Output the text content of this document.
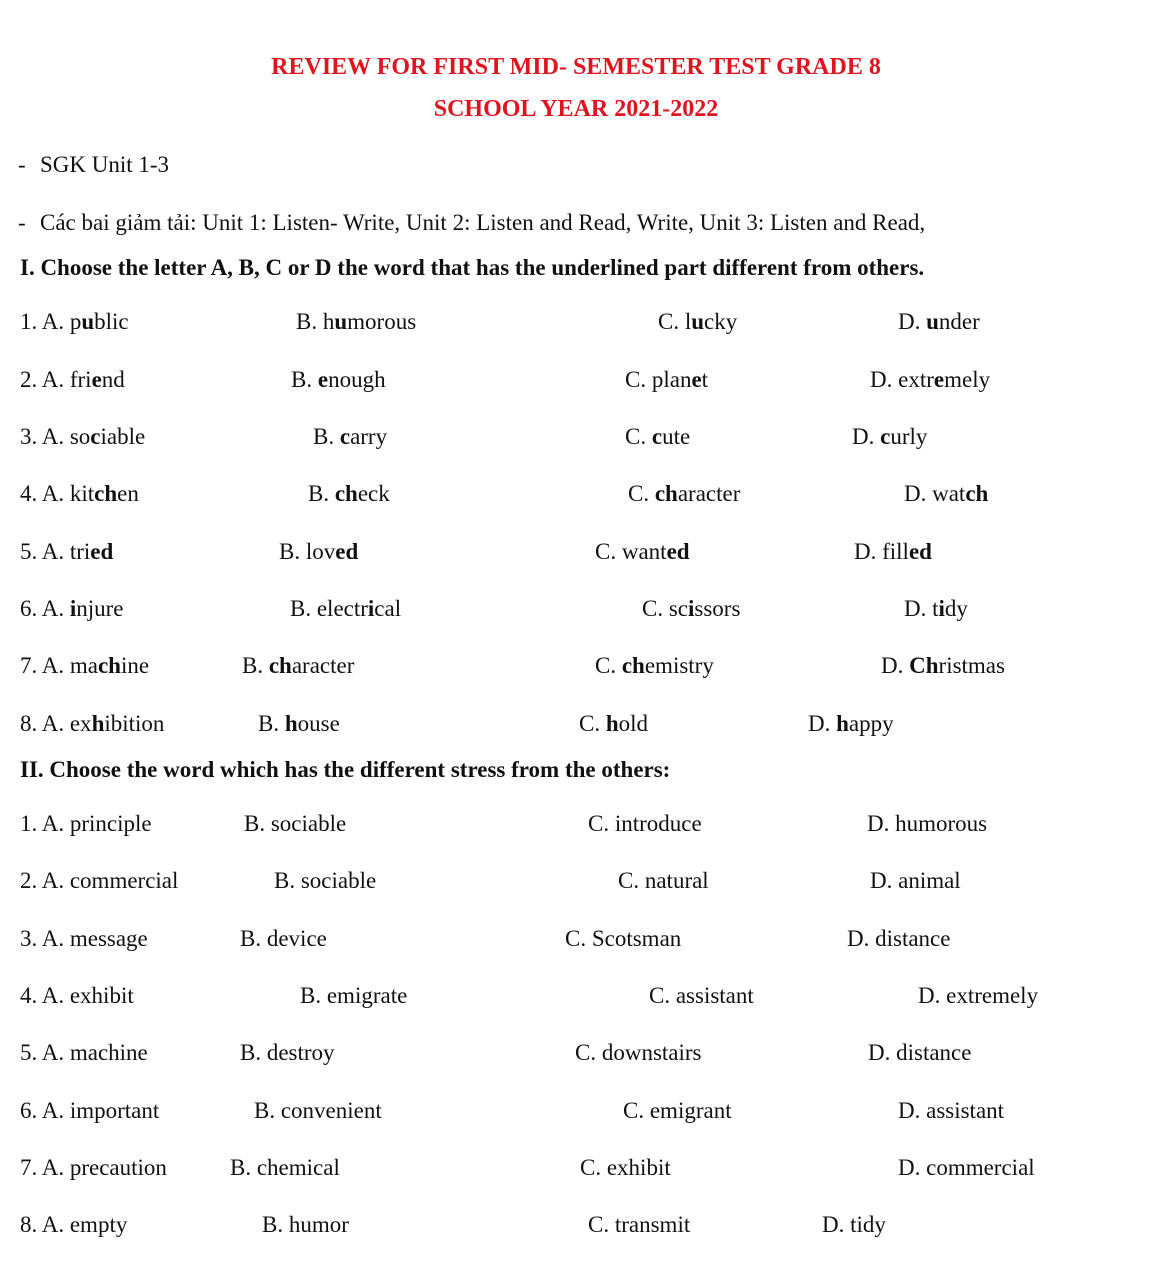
REVIEW FOR FIRST MID- SEMESTER TEST GRADE 8
SCHOOL YEAR 2021-2022
- SGK Unit 1-3
- Các bai giảm tải: Unit 1: Listen- Write, Unit 2: Listen and Read, Write, Unit 3: Listen and Read,
I. Choose the letter A, B, C or D the word that has the underlined part different from others.
1. A. public	B. humorous	C. lucky	D. under
2. A. friend	B. enough	C. planet	D. extremely
3. A. sociable	B. carry	C. cute	D. curly
4. A. kitchen	B. check	C. character	D. watch
5. A. tried	B. loved	C. wanted	D. filled
6. A. injure	B. electrical	C. scissors	D. tidy
7. A. machine	B. character	C. chemistry	D. Christmas
8. A. exhibition	B. house	C. hold	D. happy
II. Choose the word which has the different stress from the others:
1. A. principle	B. sociable	C. introduce	D. humorous
2. A. commercial	B. sociable	C. natural	D. animal
3. A. message	B. device	C. Scotsman	D. distance
4. A. exhibit	B. emigrate	C. assistant	D. extremely
5. A. machine	B. destroy	C. downstairs	D. distance
6. A. important	B. convenient	C. emigrant	D. assistant
7. A. precaution	B. chemical	C. exhibit	D. commercial
8. A. empty	B. humor	C. transmit	D. tidy
